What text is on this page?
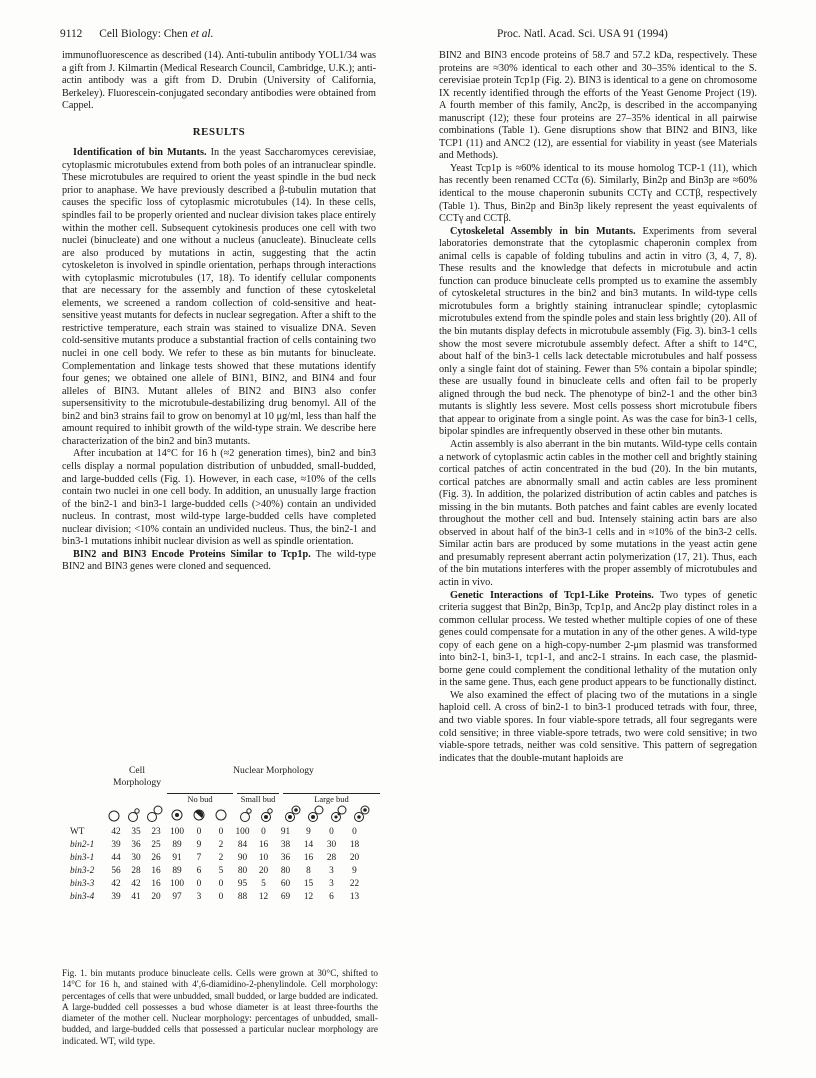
9112 Cell Biology: Chen et al.	Proc. Natl. Acad. Sci. USA 91 (1994)

immunofluorescence as described (14). Anti-tubulin antibody YOL1/34 was a gift from J. Kilmartin (Medical Research Council, Cambridge, U.K.); anti-actin antibody was a gift from D. Drubin (University of California, Berkeley). Fluorescein-conjugated secondary antibodies were obtained from Cappel.

RESULTS

Identification of bin Mutants. In the yeast Saccharomyces cerevisiae, cytoplasmic microtubules extend from both poles of an intranuclear spindle. These microtubules are required to orient the yeast spindle in the bud neck prior to anaphase. We have previously described a β-tubulin mutation that causes the specific loss of cytoplasmic microtubules (14). In these cells, spindles fail to be properly oriented and nuclear division takes place entirely within the mother cell. Subsequent cytokinesis produces one cell with two nuclei (binucleate) and one without a nucleus (anucleate). Binucleate cells are also produced by mutations in actin, suggesting that the actin cytoskeleton is involved in spindle orientation, perhaps through interactions with cytoplasmic microtubules (17, 18). To identify cellular components that are necessary for the assembly and function of these cytoskeletal elements, we screened a random collection of cold-sensitive and heat-sensitive yeast mutants for defects in nuclear segregation. After a shift to the restrictive temperature, each strain was stained to visualize DNA. Seven cold-sensitive mutants produce a substantial fraction of cells containing two nuclei in one cell body. We refer to these as bin mutants for binucleate. Complementation and linkage tests showed that these mutations identify four genes; we obtained one allele of BIN1, BIN2, and BIN4 and four alleles of BIN3. Mutant alleles of BIN2 and BIN3 also confer supersensitivity to the microtubule-destabilizing drug benomyl. All of the bin2 and bin3 strains fail to grow on benomyl at 10 μg/ml, less than half the amount required to inhibit growth of the wild-type strain. We describe here characterization of the bin2 and bin3 mutants.

After incubation at 14°C for 16 h (≈2 generation times), bin2 and bin3 cells display a normal population distribution of unbudded, small-budded, and large-budded cells (Fig. 1). However, in each case, ≈10% of the cells contain two nuclei in one cell body. In addition, an unusually large fraction of the bin2-1 and bin3-1 large-budded cells (>40%) contain an undivided nucleus. In contrast, most wild-type large-budded cells have completed nuclear division; <10% contain an undivided nucleus. Thus, the bin2-1 and bin3-1 mutations inhibit nuclear division as well as spindle orientation.

BIN2 and BIN3 Encode Proteins Similar to Tcp1p. The wild-type BIN2 and BIN3 genes were cloned and sequenced.

Cell
Morphology
Nuclear Morphology
No bud	Small bud	Large bud
WT	42	35	23	100	0	0	100	0	91	9	0	0
bin2-1	39	36	25	89	9	2	84	16	38	14	30	18
bin3-1	44	30	26	91	7	2	90	10	36	16	28	20
bin3-2	56	28	16	89	6	5	80	20	80	8	3	9
bin3-3	42	42	16	100	0	0	95	5	60	15	3	22
bin3-4	39	41	20	97	3	0	88	12	69	12	6	13
Fig. 1. bin mutants produce binucleate cells. Cells were grown at 30°C, shifted to 14°C for 16 h, and stained with 4′,6-diamidino-2-phenylindole. Cell morphology: percentages of cells that were unbudded, small budded, or large budded are indicated. A large-budded cell possesses a bud whose diameter is at least three-fourths the diameter of the mother cell. Nuclear morphology: percentages of unbudded, small-budded, and large-budded cells that possessed a particular nuclear morphology are indicated. WT, wild type.

BIN2 and BIN3 encode proteins of 58.7 and 57.2 kDa, respectively. These proteins are ≈30% identical to each other and 30–35% identical to the S. cerevisiae protein Tcp1p (Fig. 2). BIN3 is identical to a gene on chromosome IX recently identified through the efforts of the Yeast Genome Project (19). A fourth member of this family, Anc2p, is described in the accompanying manuscript (12); these four proteins are 27–35% identical in all pairwise combinations (Table 1). Gene disruptions show that BIN2 and BIN3, like TCP1 (11) and ANC2 (12), are essential for viability in yeast (see Materials and Methods).

Yeast Tcp1p is ≈60% identical to its mouse homolog TCP-1 (11), which has recently been renamed CCTα (6). Similarly, Bin2p and Bin3p are ≈60% identical to the mouse chaperonin subunits CCTγ and CCTβ, respectively (Table 1). Thus, Bin2p and Bin3p likely represent the yeast equivalents of CCTγ and CCTβ.

Cytoskeletal Assembly in bin Mutants. Experiments from several laboratories demonstrate that the cytoplasmic chaperonin complex from animal cells is capable of folding tubulins and actin in vitro (3, 4, 7, 8). These results and the knowledge that defects in microtubule and actin function can produce binucleate cells prompted us to examine the assembly of cytoskeletal structures in the bin2 and bin3 mutants. In wild-type cells microtubules form a brightly staining intranuclear spindle; cytoplasmic microtubules extend from the spindle poles and stain less brightly (20). All of the bin mutants display defects in microtubule assembly (Fig. 3). bin3-1 cells show the most severe microtubule assembly defect. After a shift to 14°C, about half of the bin3-1 cells lack detectable microtubules and half possess only a single faint dot of staining. Fewer than 5% contain a bipolar spindle; these are usually found in binucleate cells and often fail to be properly aligned through the bud neck. The phenotype of bin2-1 and the other bin3 mutants is slightly less severe. Most cells possess short microtubule fibers that appear to originate from a single point. As was the case for bin3-1 cells, bipolar spindles are infrequently observed in these other bin mutants.

Actin assembly is also aberrant in the bin mutants. Wild-type cells contain a network of cytoplasmic actin cables in the mother cell and brightly staining cortical patches of actin concentrated in the bud (20). In the bin mutants, cortical patches are abnormally small and actin cables are less prominent (Fig. 3). In addition, the polarized distribution of actin cables and patches is missing in the bin mutants. Both patches and faint cables are evenly located throughout the mother cell and bud. Intensely staining actin bars are also observed in about half of the bin3-1 cells and in ≈10% of the bin3-2 cells. Similar actin bars are produced by some mutations in the yeast actin gene and presumably represent aberrant actin polymerization (17, 21). Thus, each of the bin mutations interferes with the proper assembly of microtubules and actin in vivo.

Genetic Interactions of Tcp1-Like Proteins. Two types of genetic criteria suggest that Bin2p, Bin3p, Tcp1p, and Anc2p play distinct roles in a common cellular process. We tested whether multiple copies of one of these genes could compensate for a mutation in any of the other genes. A wild-type copy of each gene on a high-copy-number 2-μm plasmid was transformed into bin2-1, bin3-1, tcp1-1, and anc2-1 strains. In each case, the plasmid-borne gene could complement the conditional lethality of the mutation only in the same gene. Thus, each gene product appears to be functionally distinct.

We also examined the effect of placing two of the mutations in a single haploid cell. A cross of bin2-1 to bin3-1 produced tetrads with four, three, and two viable spores. In four viable-spore tetrads, all four segregants were cold sensitive; in three viable-spore tetrads, two were cold sensitive; in two viable-spore tetrads, neither was cold sensitive. This pattern of segregation indicates that the double-mutant haploids are
